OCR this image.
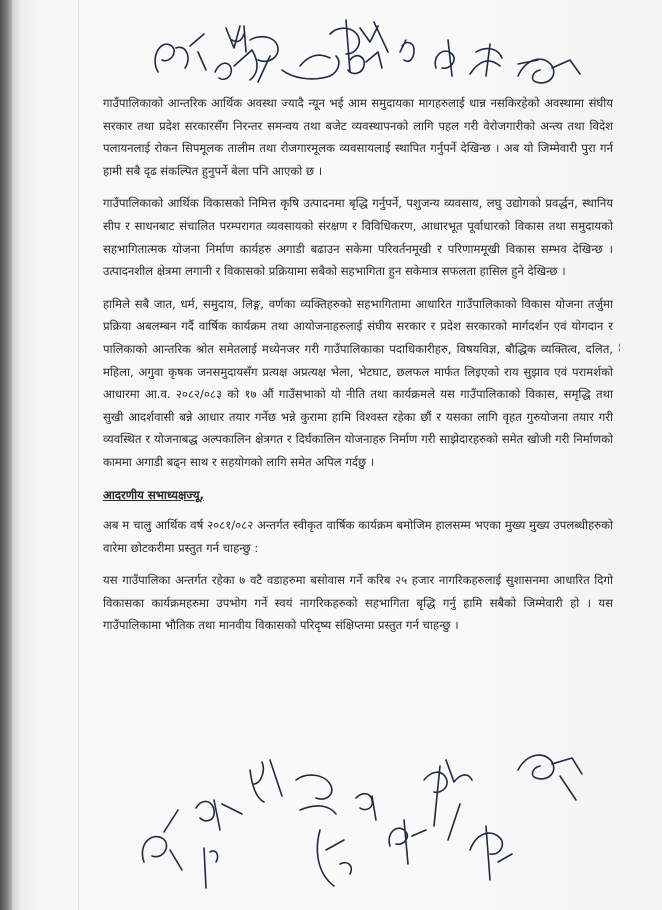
गाउँपालिकाको आन्तरिक आर्थिक अवस्था ज्यादै न्यून भई आम समुदायका मागहरुलाई धान्न नसकिरहेको अवस्थामा संघीय सरकार तथा प्रदेश सरकारसँग निरन्तर समन्वय तथा बजेट व्यवस्थापनको लागि पहल गरी वेरोजगारीको अन्त्य तथा विदेश पलायनलाई रोकन सिपमूलक तालीम तथा रोजगारमूलक व्यवसायलाई स्थापित गर्नुपर्ने देखिन्छ । अब यो जिम्मेवारी पुरा गर्न हामी सबै दृढ संकल्पित हुनुपर्ने बेला पनि आएको छ ।

गाउँपालिकाको आर्थिक विकासको निमित्त कृषि उत्पादनमा बृद्धि गर्नुपर्ने, पशुजन्य व्यवसाय, लघु उद्योगको प्रवर्द्धन, स्थानिय सीप र साधनबाट संचालित परम्परागत व्यवसायको संरक्षण र विविधिकरण, आधारभूत पूर्वाधारको विकास तथा समुदायको सहभागितात्मक योजना निर्माण कार्यहरु अगाडी बढाउन सकेमा परिवर्तनमूखी र परिणाममूखी विकास सम्भव देखिन्छ । उत्पादनशील क्षेत्रमा लगानी र विकासको प्रक्रियामा सबैको सहभागिता हुन सकेमात्र सफलता हासिल हुने देखिन्छ ।

हामिले सबै जात, धर्म, समुदाय, लिङ्ग, वर्णका व्यक्तिहरुको सहभागितामा आधारित गाउँपालिकाको विकास योजना तर्जुमा प्रक्रिया अबलम्बन गर्दै वार्षिक कार्यक्रम तथा आयोजनाहरुलाई संघीय सरकार र प्रदेश सरकारको मार्गदर्शन एवं योगदान र पालिकाको आन्तरिक श्रोत समेतलाई मध्येनजर गरी गाउँपालिकाका पदाधिकारीहरु, विषयविज्ञ, बौद्धिक व्यक्तित्व, दलित, महिला, अगुवा कृषक जनसमुदायसँग प्रत्यक्ष अप्रत्यक्ष भेला, भेटघाट, छलफल मार्फत लिइएको राय सुझाव एवं परामर्शको आधारमा आ.व. २०८२/०८३ को १७ औं गाउँसभाको यो नीति तथा कार्यक्रमले यस गाउँपालिकाको विकास, समृद्धि तथा सुखी आदर्शवासी बन्ने आधार तयार गर्नेछ भन्ने कुरामा हामि विश्वस्त रहेका छौं र यसका लागि वृहत गुरुयोजना तयार गरी व्यवस्थित र योजनाबद्ध अल्पकालिन क्षेत्रगत र दिर्घकालिन योजनाहरु निर्माण गरी साझेदारहरुको समेत खोजी गरी निर्माणको काममा अगाडी बढ्न साथ र सहयोगको लागि समेत अपिल गर्दछु ।

आदरणीय सभाध्यक्षज्यू,

अब म चालु आर्थिक वर्ष २०८१/०८२ अन्तर्गत स्वीकृत वार्षिक कार्यक्रम बमोजिम हालसम्म भएका मुख्य मुख्य उपलब्धीहरुको वारेमा छोटकरीमा प्रस्तुत गर्न चाहन्छु :

यस गाउँपालिका अन्तर्गत रहेका ७ वटै वडाहरुमा बसोवास गर्ने करिब २५ हजार नागरिकहरुलाई सुशासनमा आधारित दिगो विकासका कार्यक्रमहरुमा उपभोग गर्ने स्वयं नागरिकहरुको सहभागिता बृद्धि गर्नु हामि सबैको जिम्मेवारी हो । यस गाउँपालिकामा भौतिक तथा मानवीय विकासको परिदृष्य संक्षिप्तमा प्रस्तुत गर्न चाहन्छु ।

¦
